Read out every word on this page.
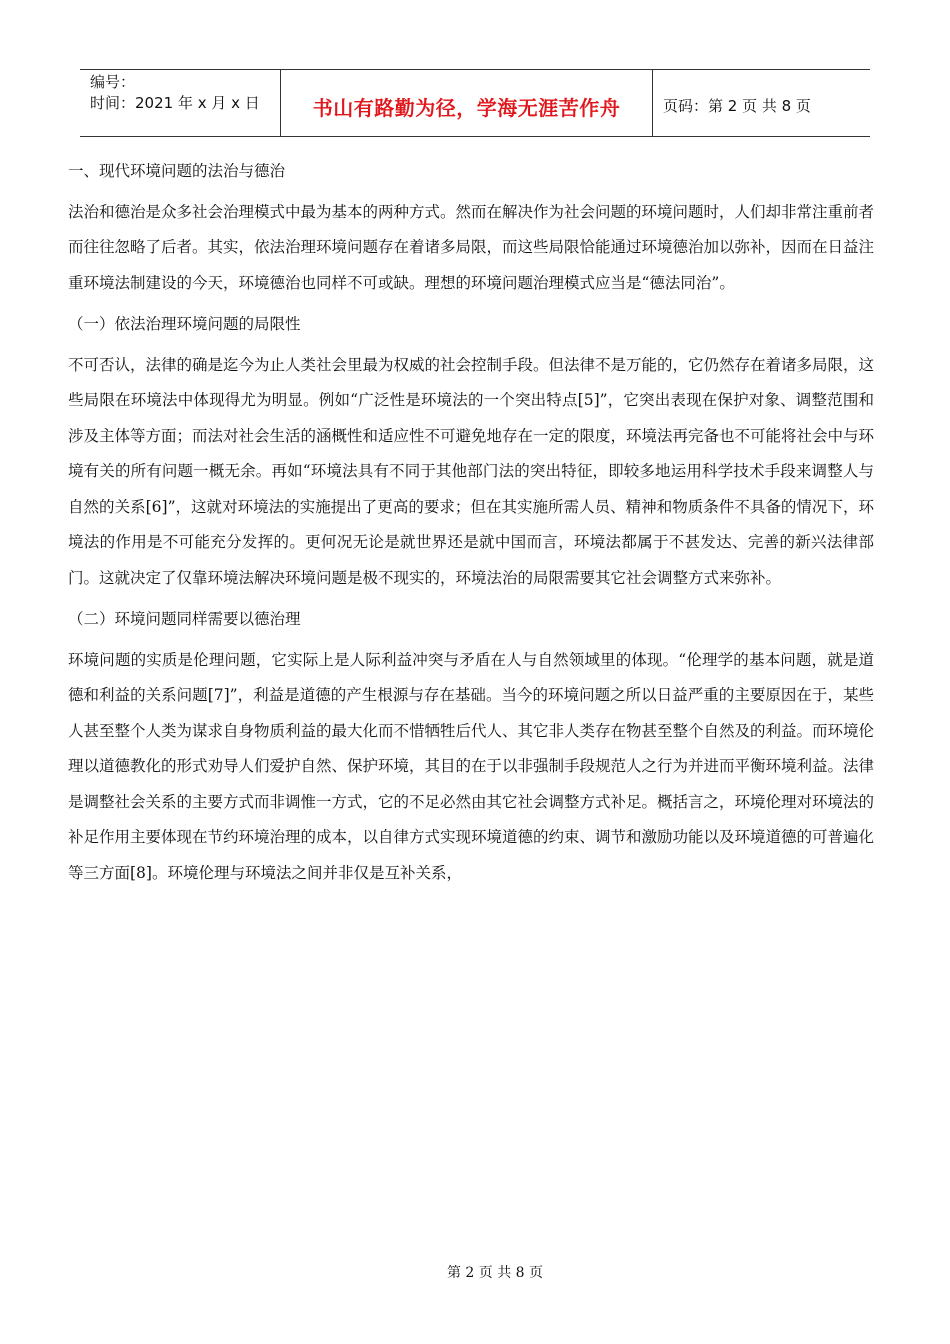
编号：
时间：2021 年 x 月 x 日	书山有路勤为径，学海无涯苦作舟	页码：第 2 页 共 8 页

一、现代环境问题的法治与德治

法治和德治是众多社会治理模式中最为基本的两种方式。然而在解决作为社会问题的环境问题时，人们却非常注重前者而往往忽略了后者。其实，依法治理环境问题存在着诸多局限，而这些局限恰能通过环境德治加以弥补，因而在日益注重环境法制建设的今天，环境德治也同样不可或缺。理想的环境问题治理模式应当是“德法同治”。

（一）依法治理环境问题的局限性

不可否认，法律的确是迄今为止人类社会里最为权威的社会控制手段。但法律不是万能的，它仍然存在着诸多局限，这些局限在环境法中体现得尤为明显。例如“广泛性是环境法的一个突出特点[5]”，它突出表现在保护对象、调整范围和涉及主体等方面；而法对社会生活的涵概性和适应性不可避免地存在一定的限度，环境法再完备也不可能将社会中与环境有关的所有问题一概无余。再如“环境法具有不同于其他部门法的突出特征，即较多地运用科学技术手段来调整人与自然的关系[6]”，这就对环境法的实施提出了更高的要求；但在其实施所需人员、精神和物质条件不具备的情况下，环境法的作用是不可能充分发挥的。更何况无论是就世界还是就中国而言，环境法都属于不甚发达、完善的新兴法律部门。这就决定了仅靠环境法解决环境问题是极不现实的，环境法治的局限需要其它社会调整方式来弥补。

（二）环境问题同样需要以德治理

环境问题的实质是伦理问题，它实际上是人际利益冲突与矛盾在人与自然领域里的体现。“伦理学的基本问题，就是道德和利益的关系问题[7]”，利益是道德的产生根源与存在基础。当今的环境问题之所以日益严重的主要原因在于，某些人甚至整个人类为谋求自身物质利益的最大化而不惜牺牲后代人、其它非人类存在物甚至整个自然及的利益。而环境伦理以道德教化的形式劝导人们爱护自然、保护环境，其目的在于以非强制手段规范人之行为并进而平衡环境利益。法律是调整社会关系的主要方式而非调惟一方式，它的不足必然由其它社会调整方式补足。概括言之，环境伦理对环境法的补足作用主要体现在节约环境治理的成本，以自律方式实现环境道德的约束、调节和激励功能以及环境道德的可普遍化等三方面[8]。环境伦理与环境法之间并非仅是互补关系，

第 2 页 共 8 页
